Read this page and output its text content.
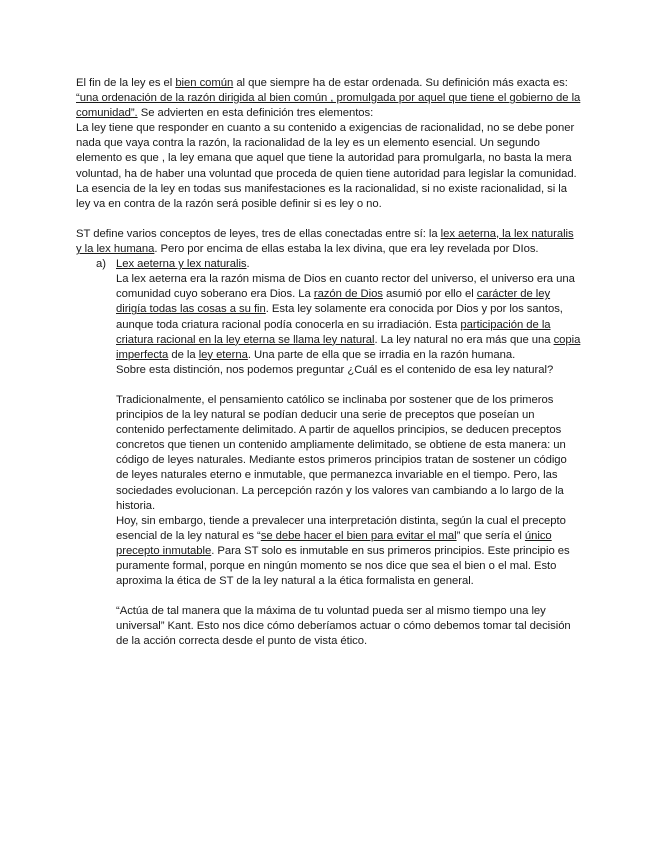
El fin de la ley es el bien común al que siempre ha de estar ordenada. Su definición más exacta es: “una ordenación de la razón dirigida al bien común , promulgada por aquel que tiene el gobierno de la comunidad”. Se advierten en esta definición tres elementos:

La ley tiene que responder en cuanto a su contenido a exigencias de racionalidad, no se debe poner nada que vaya contra la razón, la racionalidad de la ley es un elemento esencial. Un segundo elemento es que , la ley emana que aquel que tiene la autoridad para promulgarla, no basta la mera voluntad, ha de haber una voluntad que proceda de quien tiene autoridad para legislar la comunidad.

La esencia de la ley en todas sus manifestaciones es la racionalidad, si no existe racionalidad, si la ley va en contra de la razón será posible definir si es ley o no.

ST define varios conceptos de leyes, tres de ellas conectadas entre sí: la lex aeterna, la lex naturalis y la lex humana. Pero por encima de ellas estaba la lex divina, que era ley revelada por DIos.

a) Lex aeterna y lex naturalis.

La lex aeterna era la razón misma de Dios en cuanto rector del universo, el universo era una comunidad cuyo soberano era Dios. La razón de Dios asumió por ello el carácter de ley dirigía todas las cosas a su fin. Esta ley solamente era conocida por Dios y por los santos, aunque toda criatura racional podía conocerla en su irradiación. Esta participación de la criatura racional en la ley eterna se llama ley natural. La ley natural no era más que una copia imperfecta de la ley eterna. Una parte de ella que se irradia en la razón humana.

Sobre esta distinción, nos podemos preguntar ¿Cuál es el contenido de esa ley natural?

Tradicionalmente, el pensamiento católico se inclinaba por sostener que de los primeros principios de la ley natural se podían deducir una serie de preceptos que poseían un contenido perfectamente delimitado. A partir de aquellos principios, se deducen preceptos concretos que tienen un contenido ampliamente delimitado, se obtiene de esta manera: un código de leyes naturales. Mediante estos primeros principios tratan de sostener un código de leyes naturales eterno e inmutable, que permanezca invariable en el tiempo. Pero, las sociedades evolucionan. La percepción razón y los valores van cambiando a lo largo de la historia.

Hoy, sin embargo, tiende a prevalecer una interpretación distinta, según la cual el precepto esencial de la ley natural es “se debe hacer el bien para evitar el mal” que sería el único precepto inmutable. Para ST solo es inmutable en sus primeros principios. Este principio es puramente formal, porque en ningún momento se nos dice que sea el bien o el mal. Esto aproxima la ética de ST de la ley natural a la ética formalista en general.

“Actúa de tal manera que la máxima de tu voluntad pueda ser al mismo tiempo una ley universal” Kant. Esto nos dice cómo deberíamos actuar o cómo debemos tomar tal decisión de la acción correcta desde el punto de vista ético.
